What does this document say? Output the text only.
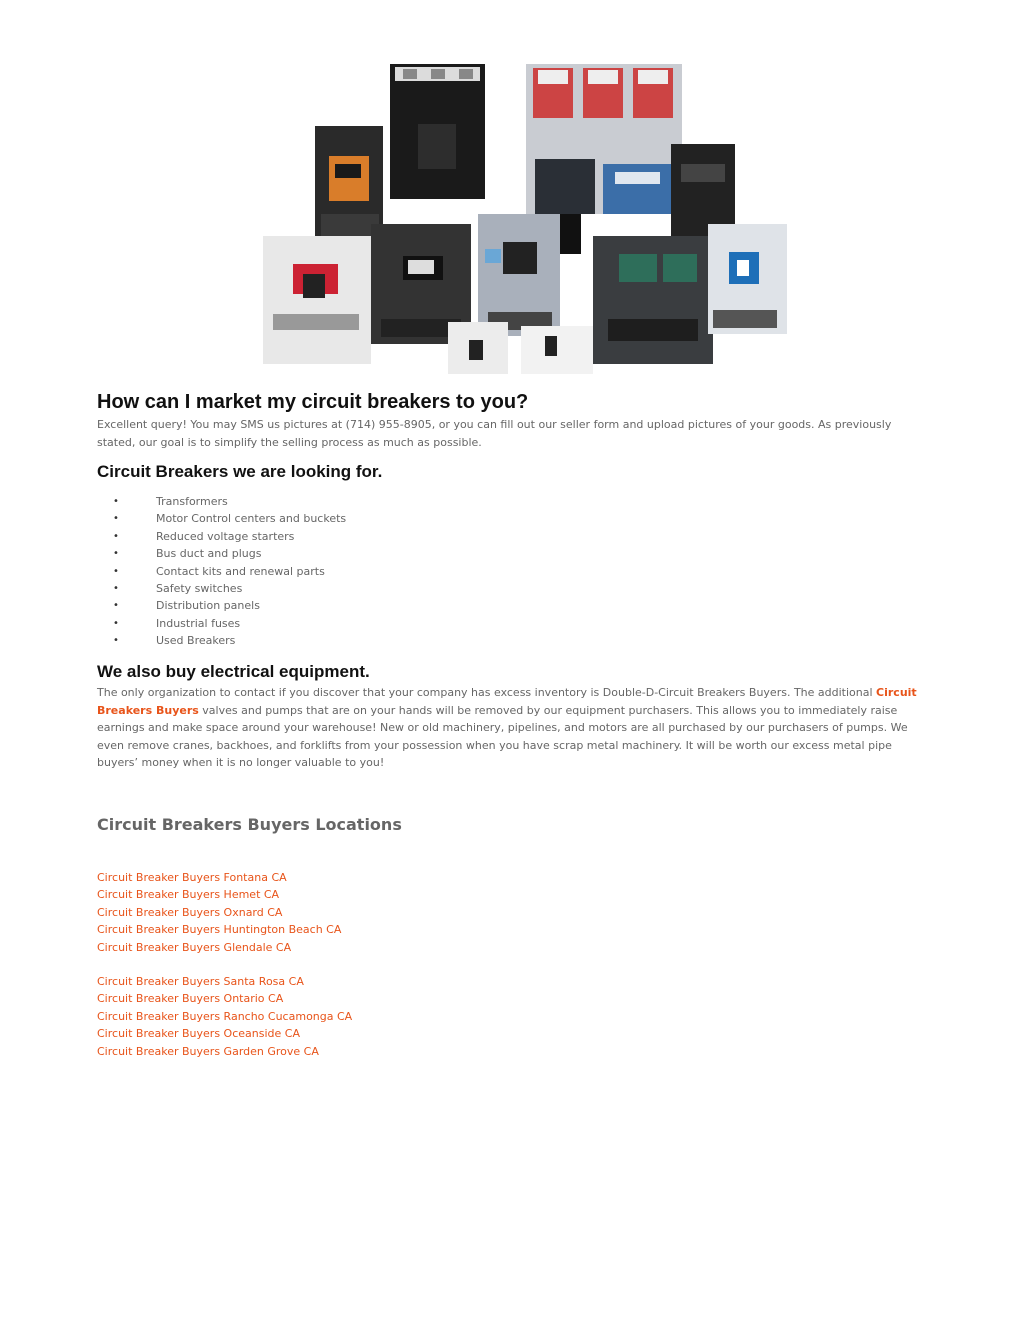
How can I market my circuit breakers to you?

Excellent query! You may SMS us pictures at (714) 955-8905, or you can fill out our seller form and upload pictures of your goods. As previously stated, our goal is to simplify the selling process as much as possible.

Circuit Breakers we are looking for.
•	Transformers
•	Motor Control centers and buckets
•	Reduced voltage starters
•	Bus duct and plugs
•	Contact kits and renewal parts
•	Safety switches
•	Distribution panels
•	Industrial fuses
•	Used Breakers
We also buy electrical equipment.

The only organization to contact if you discover that your company has excess inventory is Double-D-Circuit Breakers Buyers. The additional Circuit Breakers Buyers valves and pumps that are on your hands will be removed by our equipment purchasers. This allows you to immediately raise earnings and make space around your warehouse! New or old machinery, pipelines, and motors are all purchased by our purchasers of pumps. We even remove cranes, backhoes, and forklifts from your possession when you have scrap metal machinery. It will be worth our excess metal pipe buyers’ money when it is no longer valuable to you!

Circuit Breakers Buyers Locations
Circuit Breaker Buyers Fontana CA
Circuit Breaker Buyers Hemet CA
Circuit Breaker Buyers Oxnard CA
Circuit Breaker Buyers Huntington Beach CA
Circuit Breaker Buyers Glendale CA
Circuit Breaker Buyers Santa Rosa CA
Circuit Breaker Buyers Ontario CA
Circuit Breaker Buyers Rancho Cucamonga CA
Circuit Breaker Buyers Oceanside CA
Circuit Breaker Buyers Garden Grove CA
